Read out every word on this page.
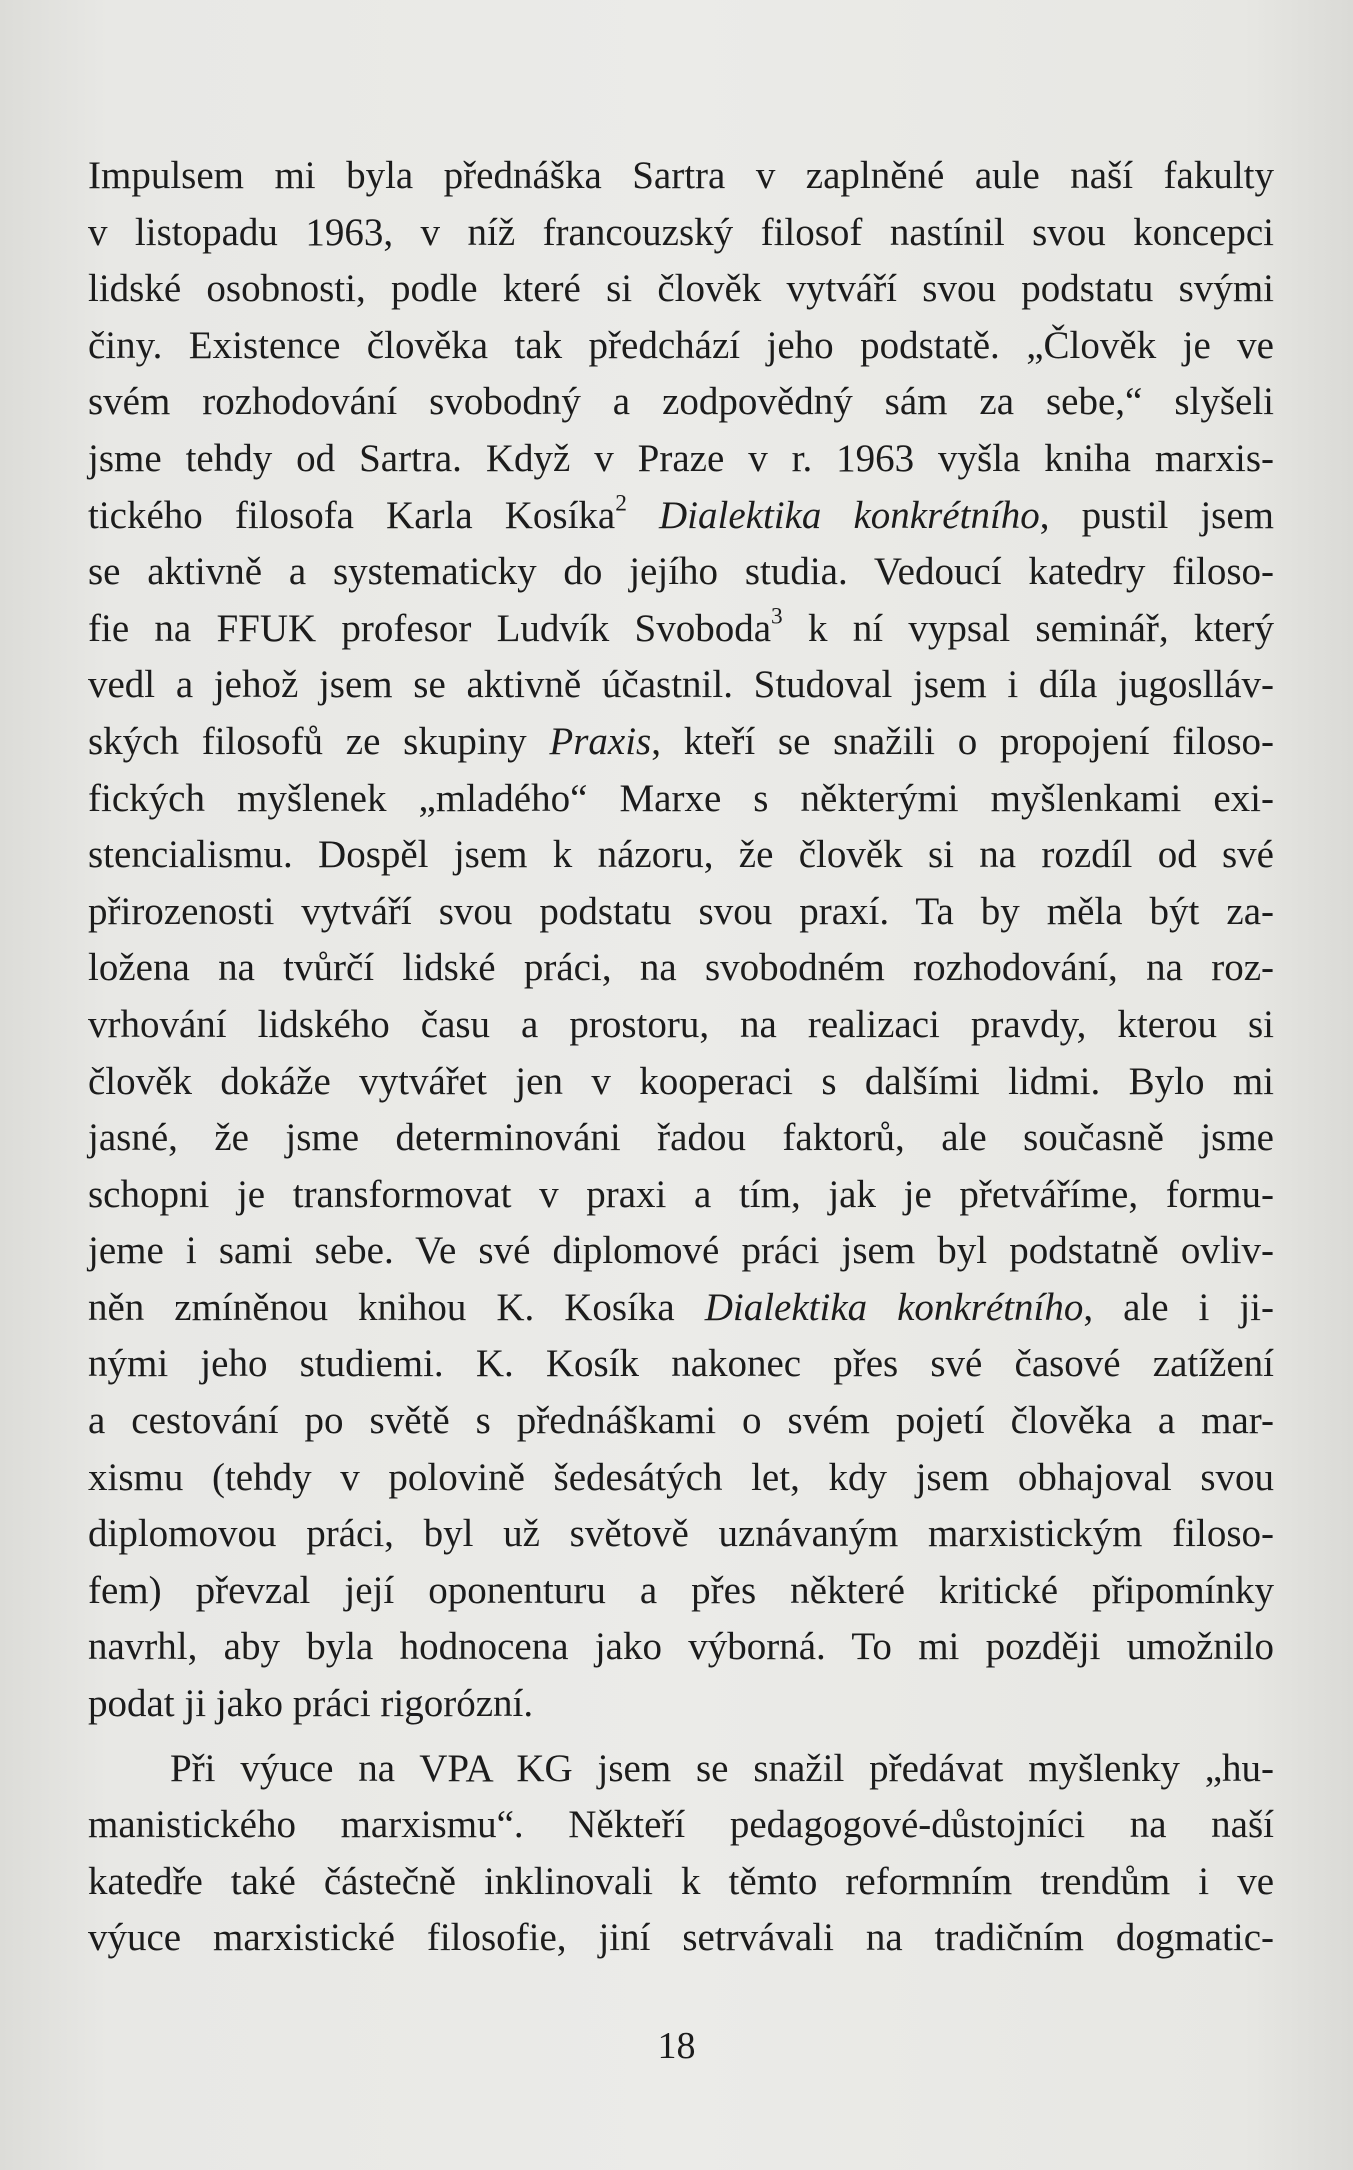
Impulsem mi byla přednáška Sartra v zaplněné aule naší fakulty
v listopadu 1963, v níž francouzský filosof nastínil svou koncepci
lidské osobnosti, podle které si člověk vytváří svou podstatu svými
činy. Existence člověka tak předchází jeho podstatě. „Člověk je ve
svém rozhodování svobodný a zodpovědný sám za sebe,“ slyšeli
jsme tehdy od Sartra. Když v Praze v r. 1963 vyšla kniha marxis-
tického filosofa Karla Kosíka$^2$ Dialektika konkrétního, pustil jsem
se aktivně a systematicky do jejího studia. Vedoucí katedry filoso-
fie na FFUK profesor Ludvík Svoboda$^3$ k ní vypsal seminář, který
vedl a jehož jsem se aktivně účastnil. Studoval jsem i díla jugoslláv-
ských filosofů ze skupiny Praxis, kteří se snažili o propojení filoso-
fických myšlenek „mladého“ Marxe s některými myšlenkami exi-
stencialismu. Dospěl jsem k názoru, že člověk si na rozdíl od své
přirozenosti vytváří svou podstatu svou praxí. Ta by měla být za-
ložena na tvůrčí lidské práci, na svobodném rozhodování, na roz-
vrhování lidského času a prostoru, na realizaci pravdy, kterou si
člověk dokáže vytvářet jen v kooperaci s dalšími lidmi. Bylo mi
jasné, že jsme determinováni řadou faktorů, ale současně jsme
schopni je transformovat v praxi a tím, jak je přetváříme, formu-
jeme i sami sebe. Ve své diplomové práci jsem byl podstatně ovliv-
něn zmíněnou knihou K. Kosíka Dialektika konkrétního, ale i ji-
nými jeho studiemi. K. Kosík nakonec přes své časové zatížení
a cestování po světě s přednáškami o svém pojetí člověka a mar-
xismu (tehdy v polovině šedesátých let, kdy jsem obhajoval svou
diplomovou práci, byl už světově uznávaným marxistickým filoso-
fem) převzal její oponenturu a přes některé kritické připomínky
navrhl, aby byla hodnocena jako výborná. To mi později umožnilo
podat ji jako práci rigorózní.
Při výuce na VPA KG jsem se snažil předávat myšlenky „hu-
manistického marxismu“. Někteří pedagogové-důstojníci na naší
katedře také částečně inklinovali k těmto reformním trendům i ve
výuce marxistické filosofie, jiní setrvávali na tradičním dogmatic-
18
